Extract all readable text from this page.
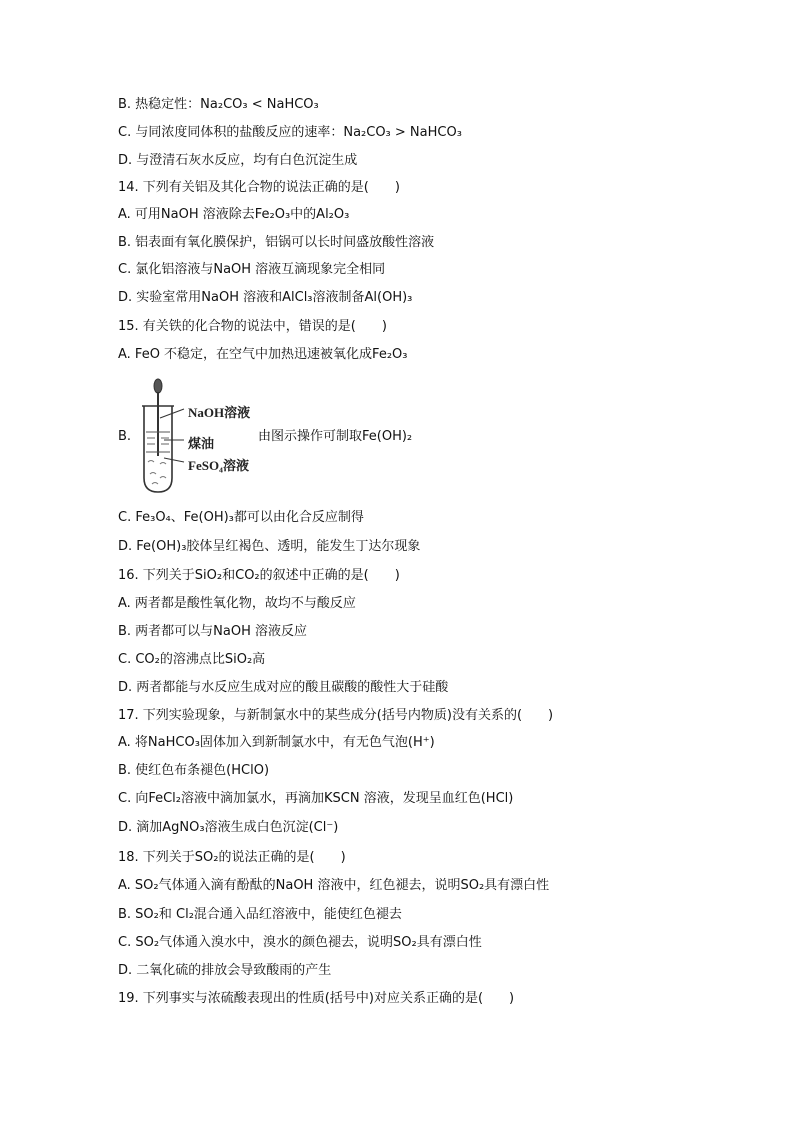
B. 热稳定性：Na₂CO₃ < NaHCO₃
C. 与同浓度同体积的盐酸反应的速率：Na₂CO₃ > NaHCO₃
D. 与澄清石灰水反应，均有白色沉淀生成
14. 下列有关铝及其化合物的说法正确的是(　　)
A. 可用NaOH 溶液除去Fe₂O₃中的Al₂O₃
B. 铝表面有氧化膜保护，铝锅可以长时间盛放酸性溶液
C. 氯化铝溶液与NaOH 溶液互滴现象完全相同
D. 实验室常用NaOH 溶液和AlCl₃溶液制备Al(OH)₃
15. 有关铁的化合物的说法中，错误的是(　　)
A. FeO 不稳定，在空气中加热迅速被氧化成Fe₂O₃
B.
NaOH溶液
煤油
FeSO₄溶液
由图示操作可制取Fe(OH)₂
C. Fe₃O₄、Fe(OH)₃都可以由化合反应制得
D. Fe(OH)₃胶体呈红褐色、透明，能发生丁达尔现象
16. 下列关于SiO₂和CO₂的叙述中正确的是(　　)
A. 两者都是酸性氧化物，故均不与酸反应
B. 两者都可以与NaOH 溶液反应
C. CO₂的溶沸点比SiO₂高
D. 两者都能与水反应生成对应的酸且碳酸的酸性大于硅酸
17. 下列实验现象，与新制氯水中的某些成分(括号内物质)没有关系的(　　)
A. 将NaHCO₃固体加入到新制氯水中，有无色气泡(H⁺)
B. 使红色布条褪色(HClO)
C. 向FeCl₂溶液中滴加氯水，再滴加KSCN 溶液，发现呈血红色(HCl)
D. 滴加AgNO₃溶液生成白色沉淀(Cl⁻)
18. 下列关于SO₂的说法正确的是(　　)
A. SO₂气体通入滴有酚酞的NaOH 溶液中，红色褪去，说明SO₂具有漂白性
B. SO₂和 Cl₂混合通入品红溶液中，能使红色褪去
C. SO₂气体通入溴水中，溴水的颜色褪去，说明SO₂具有漂白性
D. 二氧化硫的排放会导致酸雨的产生
19. 下列事实与浓硫酸表现出的性质(括号中)对应关系正确的是(　　)
